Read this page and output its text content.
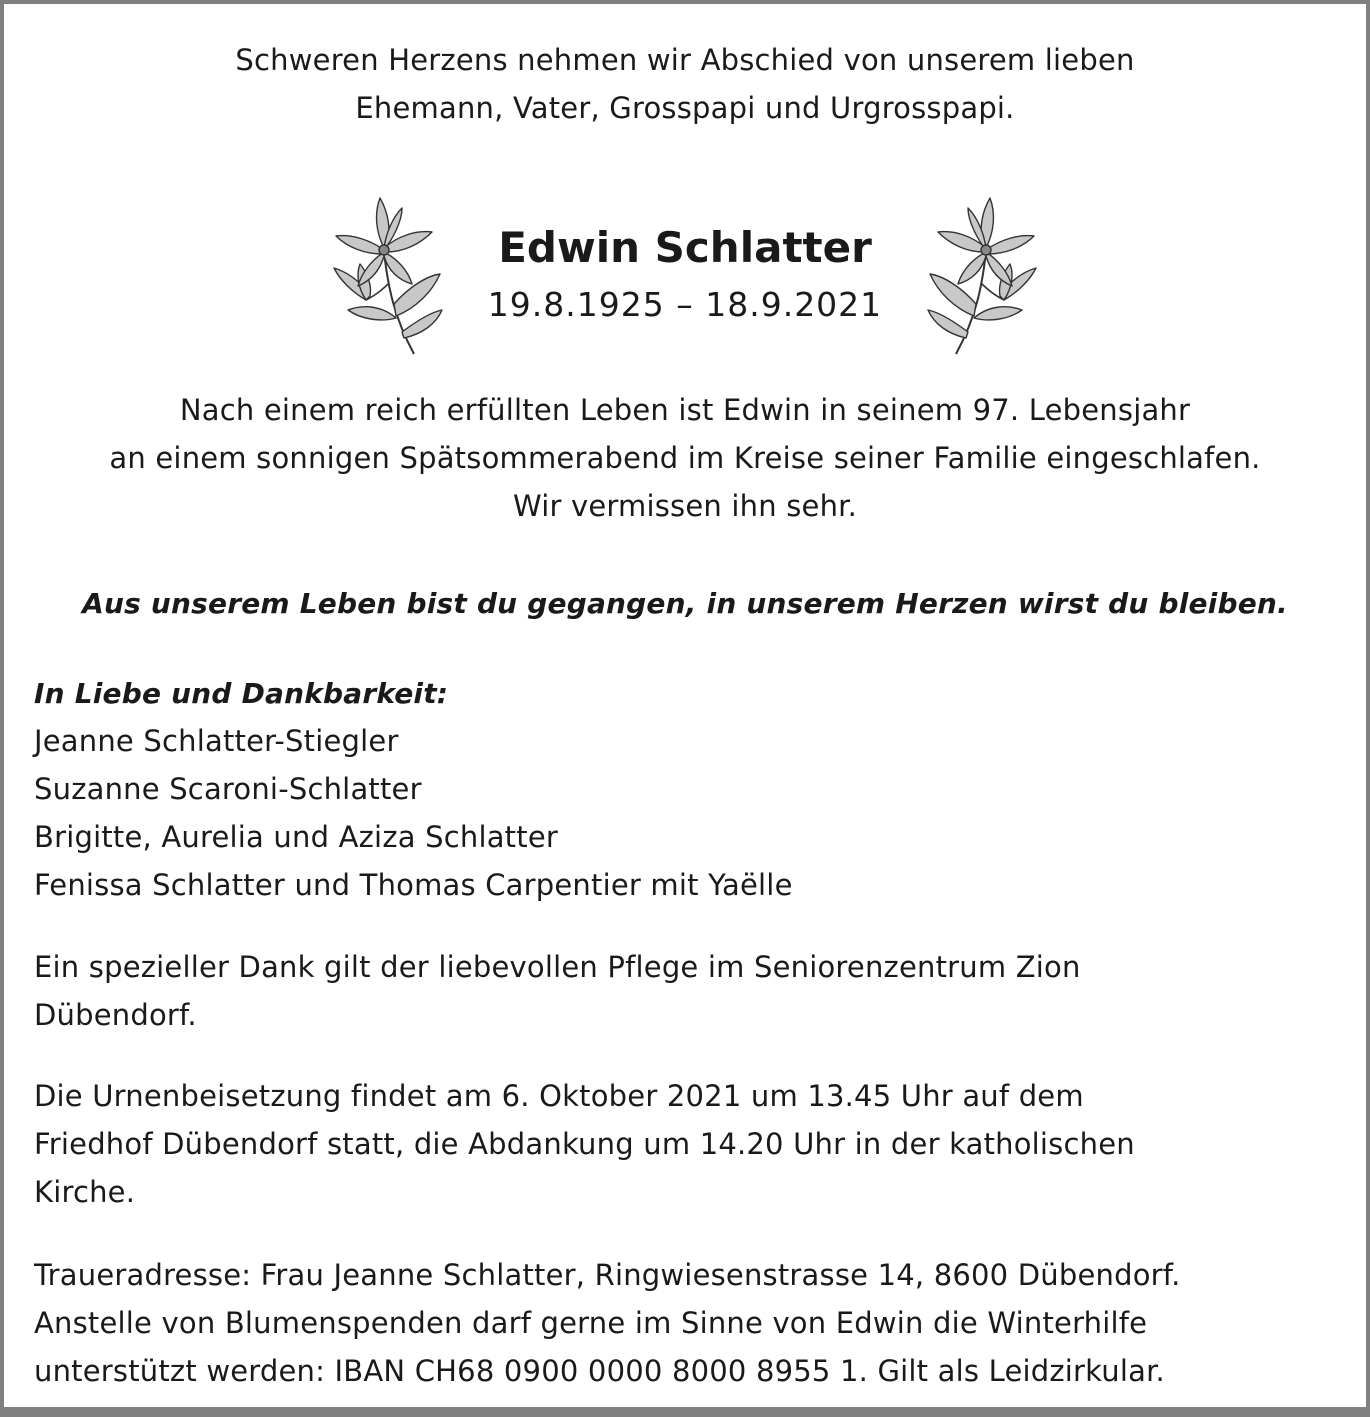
Schweren Herzens nehmen wir Abschied von unserem lieben
Ehemann, Vater, Grosspapi und Urgrosspapi.
Edwin Schlatter
19.8.1925 – 18.9.2021
Nach einem reich erfüllten Leben ist Edwin in seinem 97. Lebensjahr
an einem sonnigen Spätsommerabend im Kreise seiner Familie eingeschlafen.
Wir vermissen ihn sehr.
Aus unserem Leben bist du gegangen, in unserem Herzen wirst du bleiben.
In Liebe und Dankbarkeit:
Jeanne Schlatter-Stiegler
Suzanne Scaroni-Schlatter
Brigitte, Aurelia und Aziza Schlatter
Fenissa Schlatter und Thomas Carpentier mit Yaëlle
Ein spezieller Dank gilt der liebevollen Pflege im Seniorenzentrum Zion
Dübendorf.
Die Urnenbeisetzung findet am 6. Oktober 2021 um 13.45 Uhr auf dem
Friedhof Dübendorf statt, die Abdankung um 14.20 Uhr in der katholischen
Kirche.
Traueradresse: Frau Jeanne Schlatter, Ringwiesenstrasse 14, 8600 Dübendorf.
Anstelle von Blumenspenden darf gerne im Sinne von Edwin die Winterhilfe
unterstützt werden: IBAN CH68 0900 0000 8000 8955 1. Gilt als Leidzirkular.
